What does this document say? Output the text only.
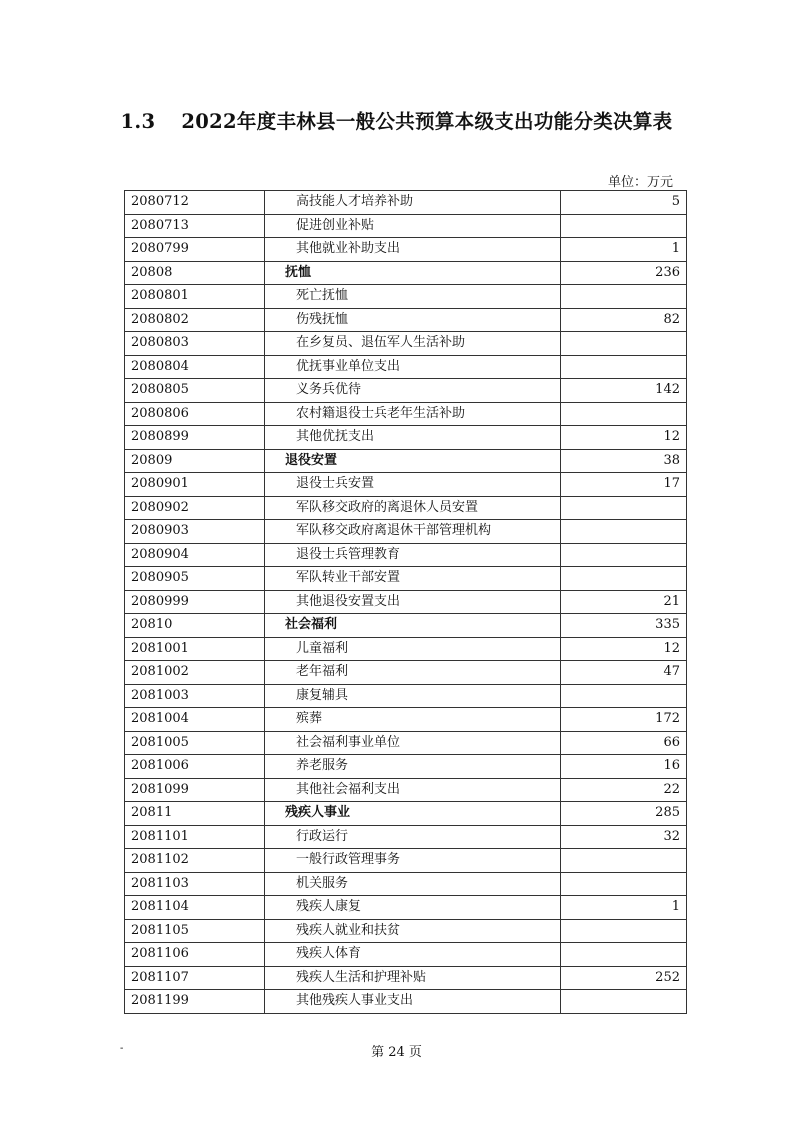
1.3 2022年度丰林县一般公共预算本级支出功能分类决算表
单位：万元
2080712	高技能人才培养补助	5
2080713	促进创业补贴	
2080799	其他就业补助支出	1
20808	抚恤	236
2080801	死亡抚恤	
2080802	伤残抚恤	82
2080803	在乡复员、退伍军人生活补助	
2080804	优抚事业单位支出	
2080805	义务兵优待	142
2080806	农村籍退役士兵老年生活补助	
2080899	其他优抚支出	12
20809	退役安置	38
2080901	退役士兵安置	17
2080902	军队移交政府的离退休人员安置	
2080903	军队移交政府离退休干部管理机构	
2080904	退役士兵管理教育	
2080905	军队转业干部安置	
2080999	其他退役安置支出	21
20810	社会福利	335
2081001	儿童福利	12
2081002	老年福利	47
2081003	康复辅具	
2081004	殡葬	172
2081005	社会福利事业单位	66
2081006	养老服务	16
2081099	其他社会福利支出	22
20811	残疾人事业	285
2081101	行政运行	32
2081102	一般行政管理事务	
2081103	机关服务	
2081104	残疾人康复	1
2081105	残疾人就业和扶贫	
2081106	残疾人体育	
2081107	残疾人生活和护理补贴	252
2081199	其他残疾人事业支出	
-	第 24 页
